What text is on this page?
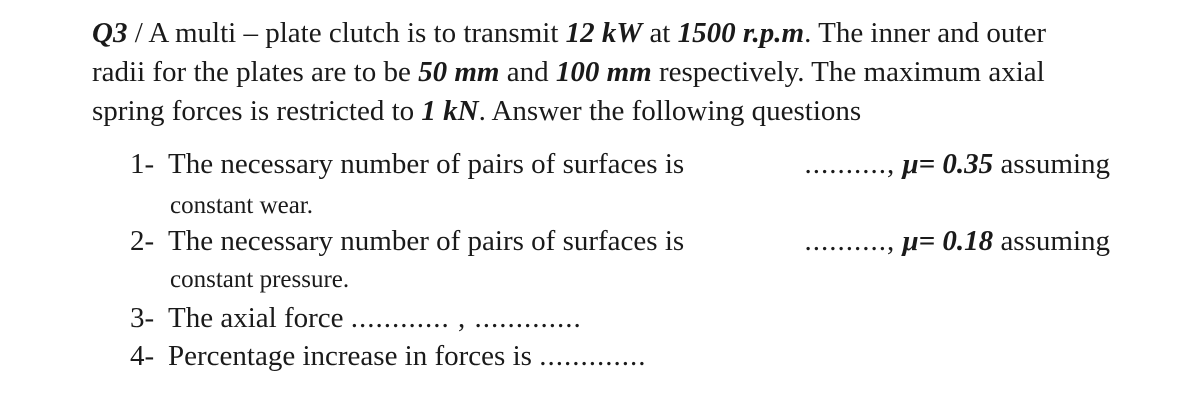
Q3 / A multi – plate clutch is to transmit 12 kW at 1500 r.p.m. The inner and outer
radii for the plates are to be 50 mm and 100 mm respectively. The maximum axial
spring forces is restricted to 1 kN. Answer the following questions
1- The necessary number of pairs of surfaces is	.........., μ= 0.35 assuming
constant wear.
2- The necessary number of pairs of surfaces is	.........., μ= 0.18 assuming
constant pressure.
3- The axial force ............ , .............
4- Percentage increase in forces is .............
